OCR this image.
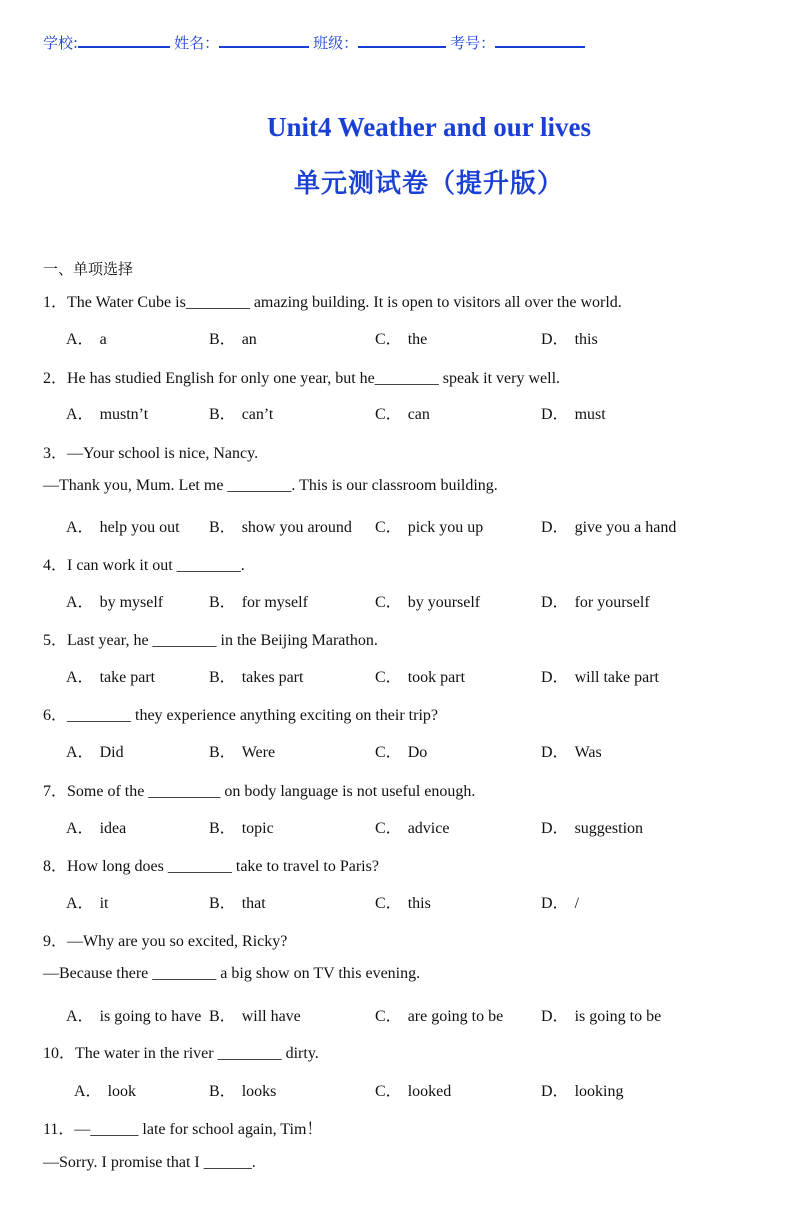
学校:	姓名：	班级：	考号：
Unit4 Weather and our lives
单元测试卷（提升版）
一、单项选择
1．The Water Cube is________ amazing building. It is open to visitors all over the world.
A． a	B． an	C． the	D． this
2．He has studied English for only one year, but he________ speak it very well.
A． mustn’t	B． can’t	C． can	D． must
3．—Your school is nice, Nancy.
—Thank you, Mum. Let me ________. This is our classroom building.
A． help you out B． show you around C． pick you up	D． give you a hand
4．I can work it out ________.
A． by myself	B． for myself	C． by yourself	D． for yourself
5．Last year, he ________ in the Beijing Marathon.
A． take part	B． takes part	C． took part	D． will take part
6．________ they experience anything exciting on their trip?
A． Did	B． Were	C． Do	D． Was
7．Some of the _________ on body language is not useful enough.
A． idea	B． topic	C． advice	D． suggestion
8．How long does ________ take to travel to Paris?
A． it	B． that	C． this	D． /
9．—Why are you so excited, Ricky?
—Because there ________ a big show on TV this evening.
A． is going to have B． will have	C． are going to be D． is going to be
10．The water in the river ________ dirty.
A． look	B． looks	C． looked	D． looking
11．—______ late for school again, Tim！
—Sorry. I promise that I ______.
